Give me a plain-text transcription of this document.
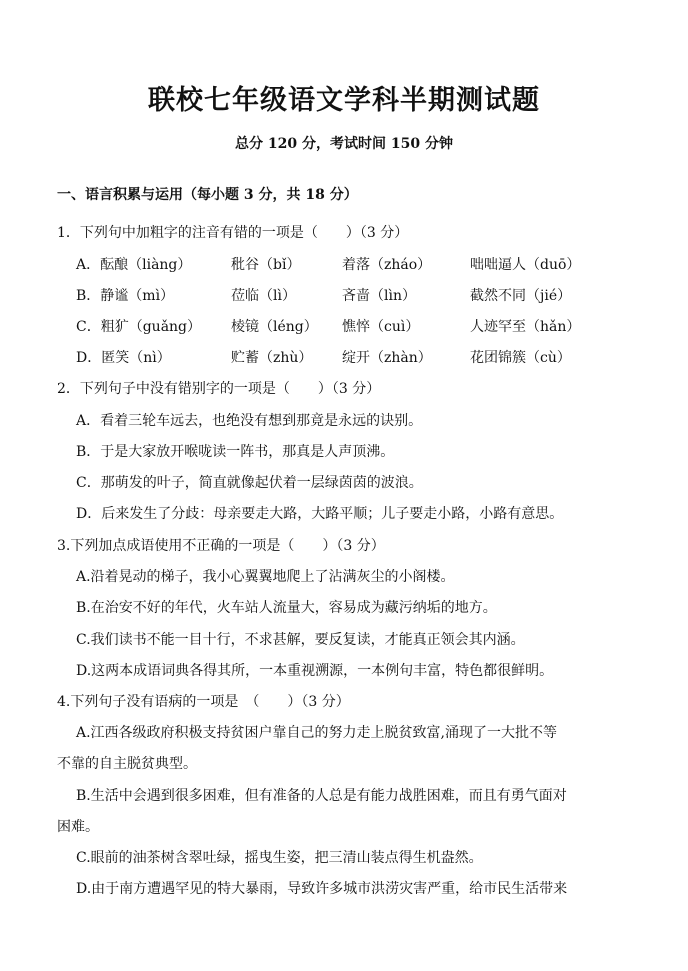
联校七年级语文学科半期测试题
总分 120 分，考试时间 150 分钟
一、语言积累与运用（每小题 3 分，共 18 分）
1．下列句中加粗字的注音有错的一项是（　　）（3 分）
A．酝酿（liàng）	秕谷（bǐ）	着落（zháo）	咄咄逼人（duō）
B．静谧（mì）	莅临（lì）	吝啬（lìn）	截然不同（jié）
C．粗犷（guǎng） 棱镜（léng） 憔悴（cuì）	人迹罕至（hǎn）
D．匿笑（nì）	贮蓄（zhù） 绽开（zhàn）	花团锦簇（cù）
2．下列句子中没有错别字的一项是（　　）（3 分）
A．看着三轮车远去，也绝没有想到那竟是永远的诀别。
B．于是大家放开喉咙读一阵书，那真是人声顶沸。
C．那萌发的叶子，简直就像起伏着一层绿茵茵的波浪。
D．后来发生了分歧：母亲要走大路，大路平顺；儿子要走小路，小路有意思。
3.下列加点成语使用不正确的一项是（　　）（3 分）
A.沿着晃动的梯子，我小心翼翼地爬上了沾满灰尘的小阁楼。
B.在治安不好的年代，火车站人流量大，容易成为藏污纳垢的地方。
C.我们读书不能一目十行，不求甚解，要反复读，才能真正领会其内涵。
D.这两本成语词典各得其所，一本重视溯源，一本例句丰富，特色都很鲜明。
4.下列句子没有语病的一项是　（　　）（3 分）
A.江西各级政府积极支持贫困户靠自己的努力走上脱贫致富,涌现了一大批不等
不靠的自主脱贫典型。
B.生活中会遇到很多困难，但有准备的人总是有能力战胜困难，而且有勇气面对
困难。
C.眼前的油茶树含翠吐绿，摇曳生姿，把三清山装点得生机盎然。
D.由于南方遭遇罕见的特大暴雨，导致许多城市洪涝灾害严重，给市民生活带来
